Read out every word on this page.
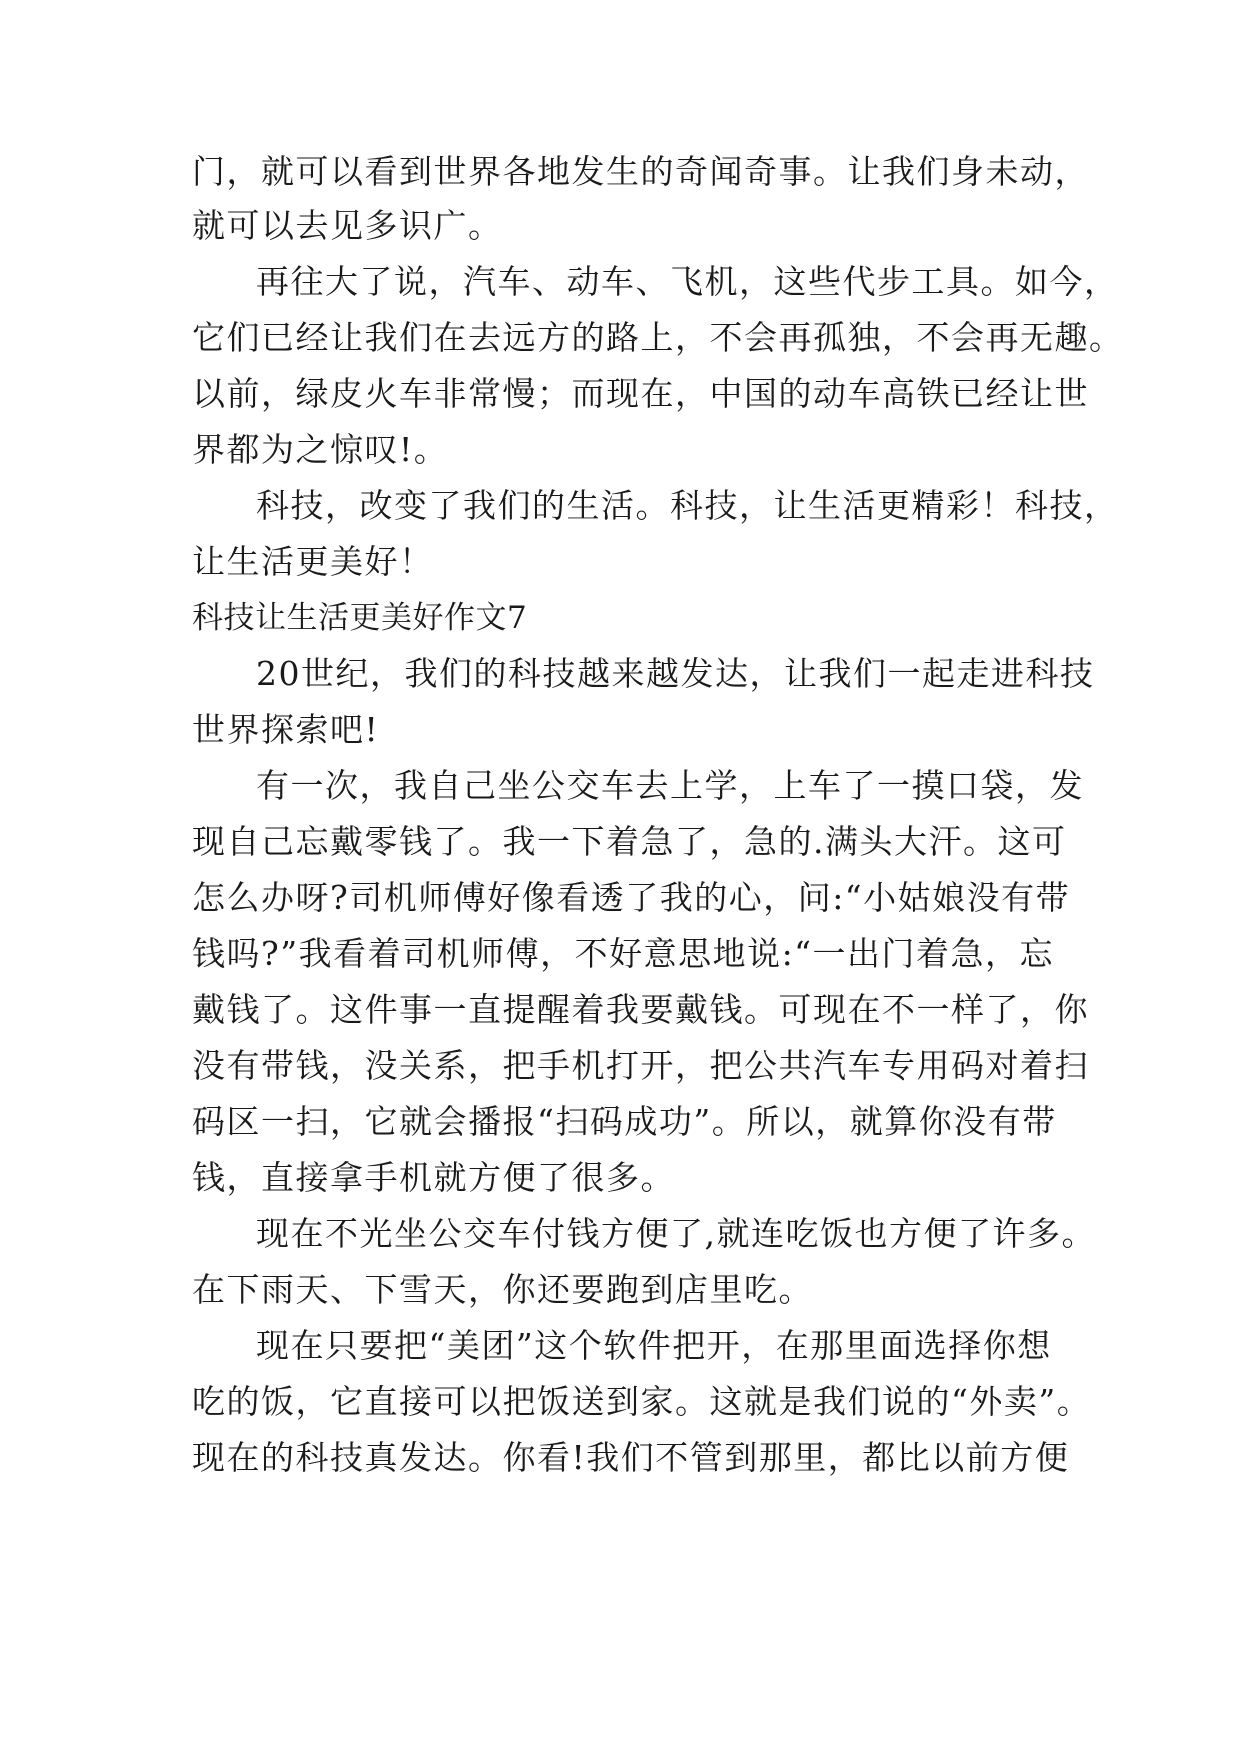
门，就可以看到世界各地发生的奇闻奇事。让我们身未动，
就可以去见多识广。
再往大了说，汽车、动车、飞机，这些代步工具。如今，
它们已经让我们在去远方的路上，不会再孤独，不会再无趣。
以前，绿皮火车非常慢；而现在，中国的动车高铁已经让世
界都为之惊叹!。
科技，改变了我们的生活。科技，让生活更精彩！科技，
让生活更美好！
科技让生活更美好作文7
20世纪，我们的科技越来越发达，让我们一起走进科技
世界探索吧!
有一次，我自己坐公交车去上学，上车了一摸口袋，发
现自己忘戴零钱了。我一下着急了，急的.满头大汗。这可
怎么办呀?司机师傅好像看透了我的心，问:“小姑娘没有带
钱吗?”我看着司机师傅，不好意思地说:“一出门着急，忘
戴钱了。这件事一直提醒着我要戴钱。可现在不一样了，你
没有带钱，没关系，把手机打开，把公共汽车专用码对着扫
码区一扫，它就会播报“扫码成功”。所以，就算你没有带
钱，直接拿手机就方便了很多。
现在不光坐公交车付钱方便了,就连吃饭也方便了许多。
在下雨天、下雪天，你还要跑到店里吃。
现在只要把“美团”这个软件把开，在那里面选择你想
吃的饭，它直接可以把饭送到家。这就是我们说的“外卖”。
现在的科技真发达。你看!我们不管到那里，都比以前方便
